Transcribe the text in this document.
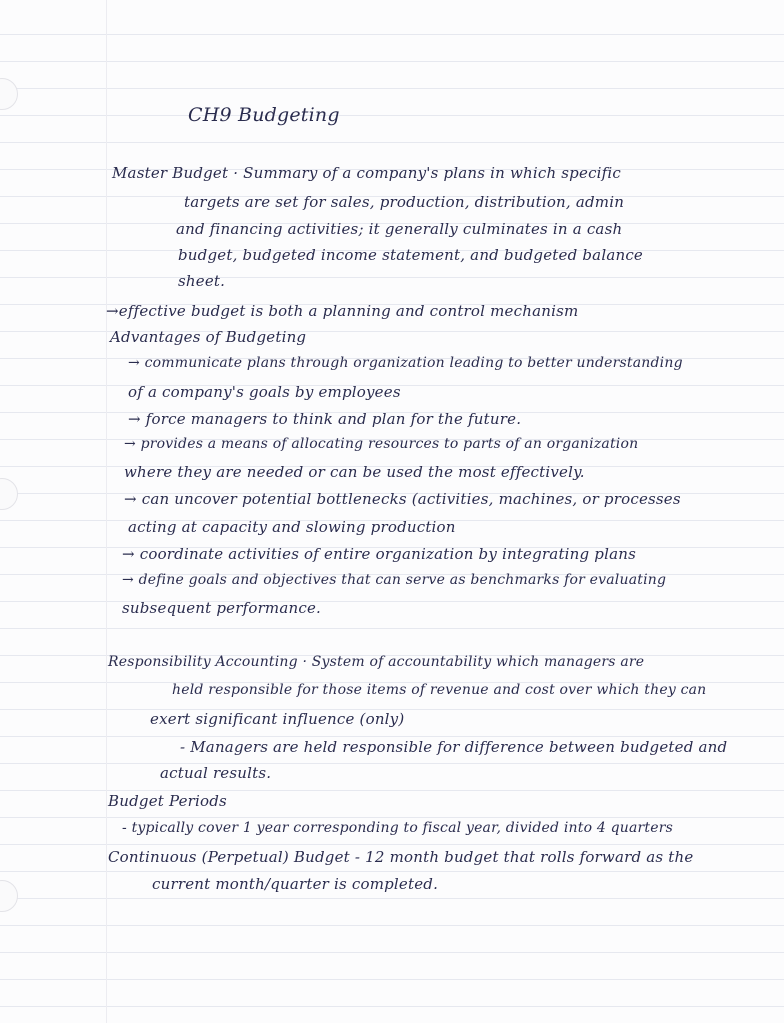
CH9 Budgeting

Master Budget · Summary of a company's plans in which specific

targets are set for sales, production, distribution, admin

and financing activities; it generally culminates in a cash

budget, budgeted income statement, and budgeted balance

sheet.

→effective budget is both a planning and control mechanism

Advantages of Budgeting

→ communicate plans through organization leading to better understanding

of a company's goals by employees

→ force managers to think and plan for the future.

→ provides a means of allocating resources to parts of an organization

where they are needed or can be used the most effectively.

→ can uncover potential bottlenecks (activities, machines, or processes

acting at capacity and slowing production

→ coordinate activities of entire organization by integrating plans

→ define goals and objectives that can serve as benchmarks for evaluating

subsequent performance.

Responsibility Accounting · System of accountability which managers are

held responsible for those items of revenue and cost over which they can

exert significant influence (only)

- Managers are held responsible for difference between budgeted and

actual results.

Budget Periods

- typically cover 1 year corresponding to fiscal year, divided into 4 quarters

Continuous (Perpetual) Budget - 12 month budget that rolls forward as the

current month/quarter is completed.
